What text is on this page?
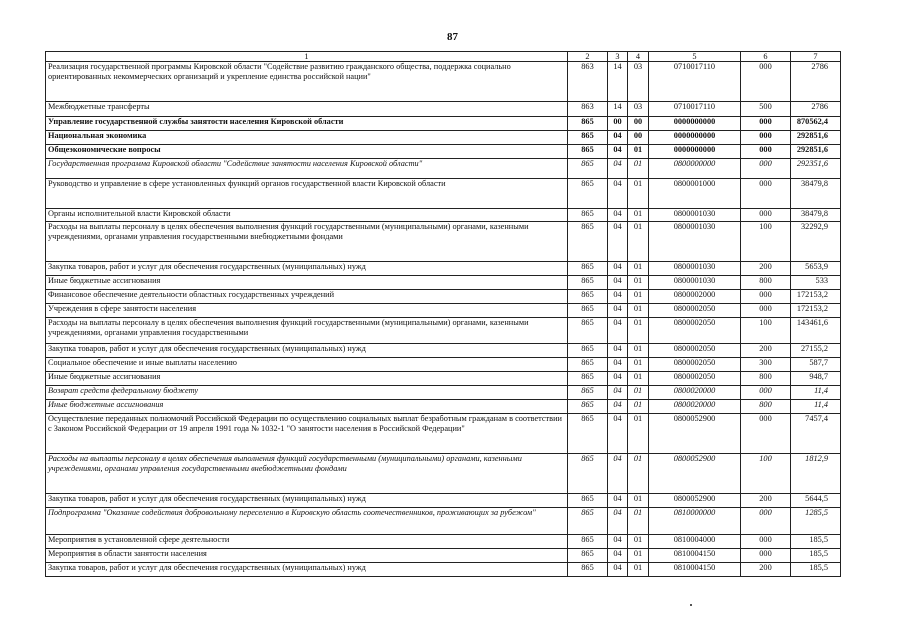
87
1	2	3	4	5	6	7
Реализация государственной программы Кировской области "Содействие развитию гражданского общества, поддержка социально ориентированных некоммерческих организаций и укрепление единства российской нации"	863	14	03	0710017110	000	2786
Межбюджетные трансферты	863	14	03	0710017110	500	2786
Управление государственной службы занятости населения Кировской области	865	00	00	0000000000	000	870562,4
Национальная экономика	865	04	00	0000000000	000	292851,6
Общеэкономические вопросы	865	04	01	0000000000	000	292851,6
Государственная программа Кировской области "Содействие занятости населения Кировской области"	865	04	01	0800000000	000	292351,6
Руководство и управление в сфере установленных функций органов государственной власти Кировской области	865	04	01	0800001000	000	38479,8
Органы исполнительной власти Кировской области	865	04	01	0800001030	000	38479,8
Расходы на выплаты персоналу в целях обеспечения выполнения функций государственными (муниципальными) органами, казенными учреждениями, органами управления государственными внебюджетными фондами	865	04	01	0800001030	100	32292,9
Закупка товаров, работ и услуг для обеспечения государственных (муниципальных) нужд	865	04	01	0800001030	200	5653,9
Иные бюджетные ассигнования	865	04	01	0800001030	800	533
Финансовое обеспечение деятельности областных государственных учреждений	865	04	01	0800002000	000	172153,2
Учреждения в сфере занятости населения	865	04	01	0800002050	000	172153,2
Расходы на выплаты персоналу в целях обеспечения выполнения функций государственными (муниципальными) органами, казенными учреждениями, органами управления государственными	865	04	01	0800002050	100	143461,6
Закупка товаров, работ и услуг для обеспечения государственных (муниципальных) нужд	865	04	01	0800002050	200	27155,2
Социальное обеспечение и иные выплаты населению	865	04	01	0800002050	300	587,7
Иные бюджетные ассигнования	865	04	01	0800002050	800	948,7
Возврат средств федеральному бюджету	865	04	01	0800020000	000	11,4
Иные бюджетные ассигнования	865	04	01	0800020000	800	11,4
Осуществление переданных полномочий Российской Федерации по осуществлению социальных выплат безработным гражданам в соответствии с Законом Российской Федерации от 19 апреля 1991 года № 1032-1 "О занятости населения в Российской Федерации"	865	04	01	0800052900	000	7457,4
Расходы на выплаты персоналу в целях обеспечения выполнения функций государственными (муниципальными) органами, казенными учреждениями, органами управления государственными внебюджетными фондами	865	04	01	0800052900	100	1812,9
Закупка товаров, работ и услуг для обеспечения государственных (муниципальных) нужд	865	04	01	0800052900	200	5644,5
Подпрограмма "Оказание содействия добровольному переселению в Кировскую область соотечественников, проживающих за рубежом"	865	04	01	0810000000	000	1285,5
Мероприятия в установленной сфере деятельности	865	04	01	0810004000	000	185,5
Мероприятия в области занятости населения	865	04	01	0810004150	000	185,5
Закупка товаров, работ и услуг для обеспечения государственных (муниципальных) нужд	865	04	01	0810004150	200	185,5
